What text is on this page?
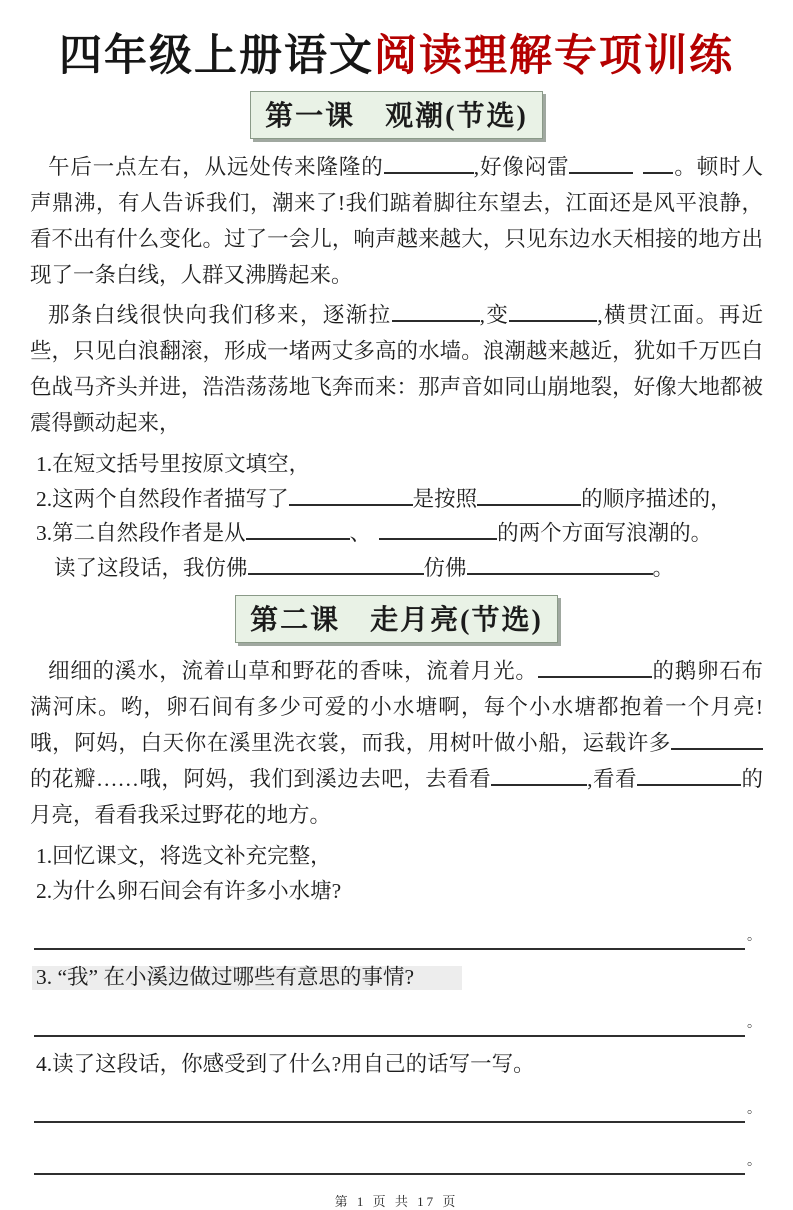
四年级上册语文阅读理解专项训练
第一课　观潮(节选)

午后一点左右，从远处传来隆隆的	,好像闷雷	。顿时人声鼎沸，有人告诉我们，潮来了!我们踮着脚往东望去，江面还是风平浪静，看不出有什么变化。过了一会儿，响声越来越大，只见东边水天相接的地方出现了一条白线，人群又沸腾起来。

那条白线很快向我们移来，逐渐拉	,变	,横贯江面。再近些，只见白浪翻滚，形成一堵两丈多高的水墙。浪潮越来越近，犹如千万匹白色战马齐头并进，浩浩荡荡地飞奔而来：那声音如同山崩地裂，好像大地都被震得颤动起来，

1.在短文括号里按原文填空，

2.这两个自然段作者描写了	是按照	的顺序描述的，

3.第二自然段作者是从	、	的两个方面写浪潮的。

读了这段话，我仿佛	仿佛	。

第二课　走月亮(节选)

细细的溪水，流着山草和野花的香味，流着月光。	的鹅卵石布满河床。哟，卵石间有多少可爱的小水塘啊，每个小水塘都抱着一个月亮!哦，阿妈，白天你在溪里洗衣裳，而我，用树叶做小船，运载许多的花瓣……哦，阿妈，我们到溪边去吧，去看看	,看看	的月亮，看看我采过野花的地方。

1.回忆课文，将选文补充完整，

2.为什么卵石间会有许多小水塘?

。

3. “我” 在小溪边做过哪些有意思的事情?

。

4.读了这段话，你感受到了什么?用自己的话写一写。

。
。
第 1 页 共 17 页
